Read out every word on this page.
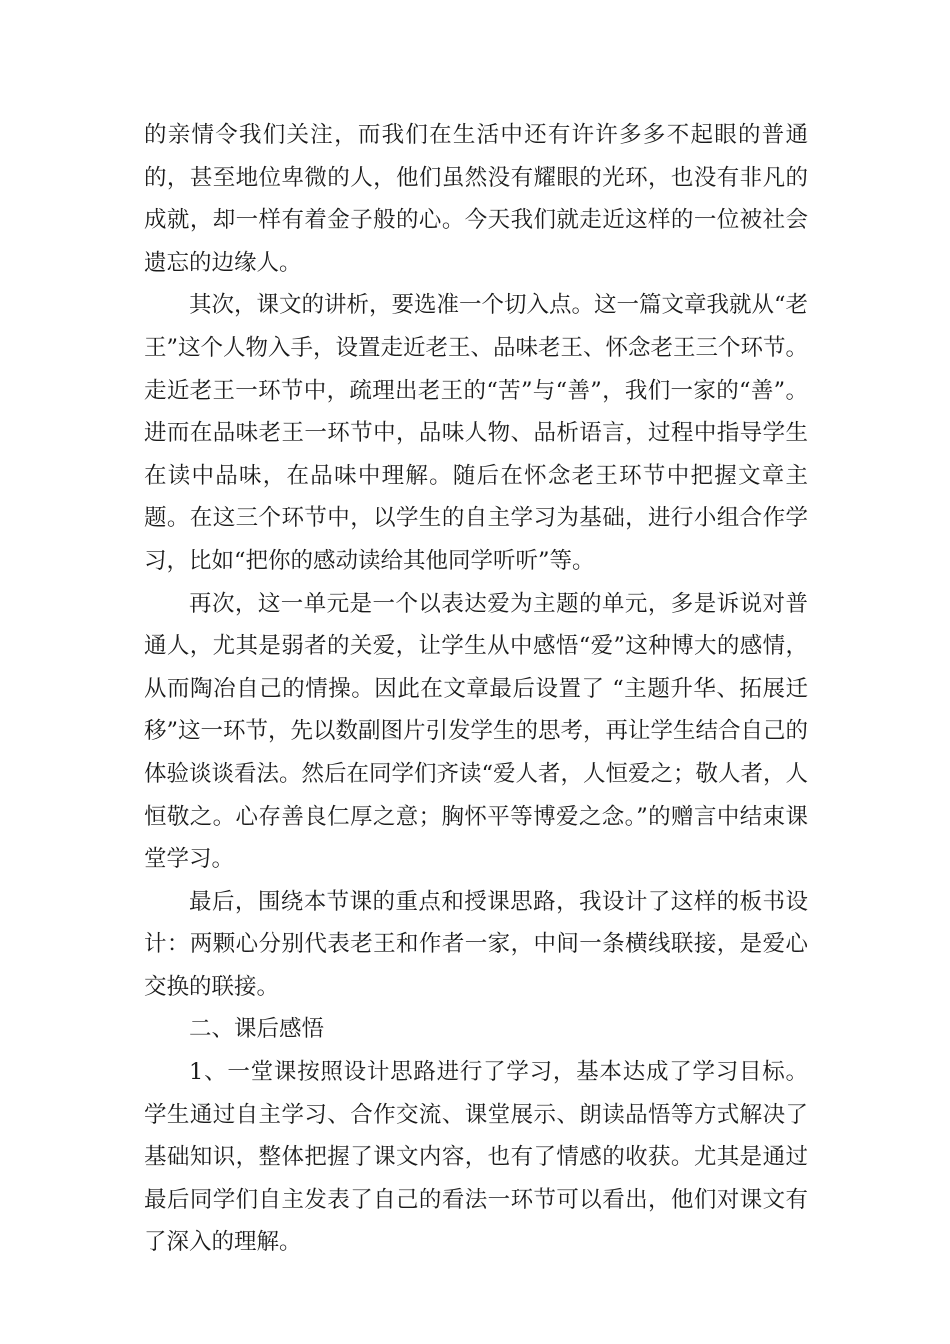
的亲情令我们关注，而我们在生活中还有许许多多不起眼的普通的，甚至地位卑微的人，他们虽然没有耀眼的光环，也没有非凡的成就，却一样有着金子般的心。今天我们就走近这样的一位被社会遗忘的边缘人。

其次，课文的讲析，要选准一个切入点。这一篇文章我就从“老王”这个人物入手，设置走近老王、品味老王、怀念老王三个环节。走近老王一环节中，疏理出老王的“苦”与“善”，我们一家的“善”。进而在品味老王一环节中，品味人物、品析语言，过程中指导学生在读中品味，在品味中理解。随后在怀念老王环节中把握文章主题。在这三个环节中，以学生的自主学习为基础，进行小组合作学习，比如“把你的感动读给其他同学听听”等。

再次，这一单元是一个以表达爱为主题的单元，多是诉说对普通人，尤其是弱者的关爱，让学生从中感悟“爱”这种博大的感情，从而陶冶自己的情操。因此在文章最后设置了 “主题升华、拓展迁移”这一环节，先以数副图片引发学生的思考，再让学生结合自己的体验谈谈看法。然后在同学们齐读“爱人者，人恒爱之；敬人者，人恒敬之。心存善良仁厚之意；胸怀平等博爱之念。”的赠言中结束课堂学习。

最后，围绕本节课的重点和授课思路，我设计了这样的板书设计：两颗心分别代表老王和作者一家，中间一条横线联接，是爱心交换的联接。

二、课后感悟

1、一堂课按照设计思路进行了学习，基本达成了学习目标。学生通过自主学习、合作交流、课堂展示、朗读品悟等方式解决了基础知识，整体把握了课文内容，也有了情感的收获。尤其是通过最后同学们自主发表了自己的看法一环节可以看出，他们对课文有了深入的理解。
